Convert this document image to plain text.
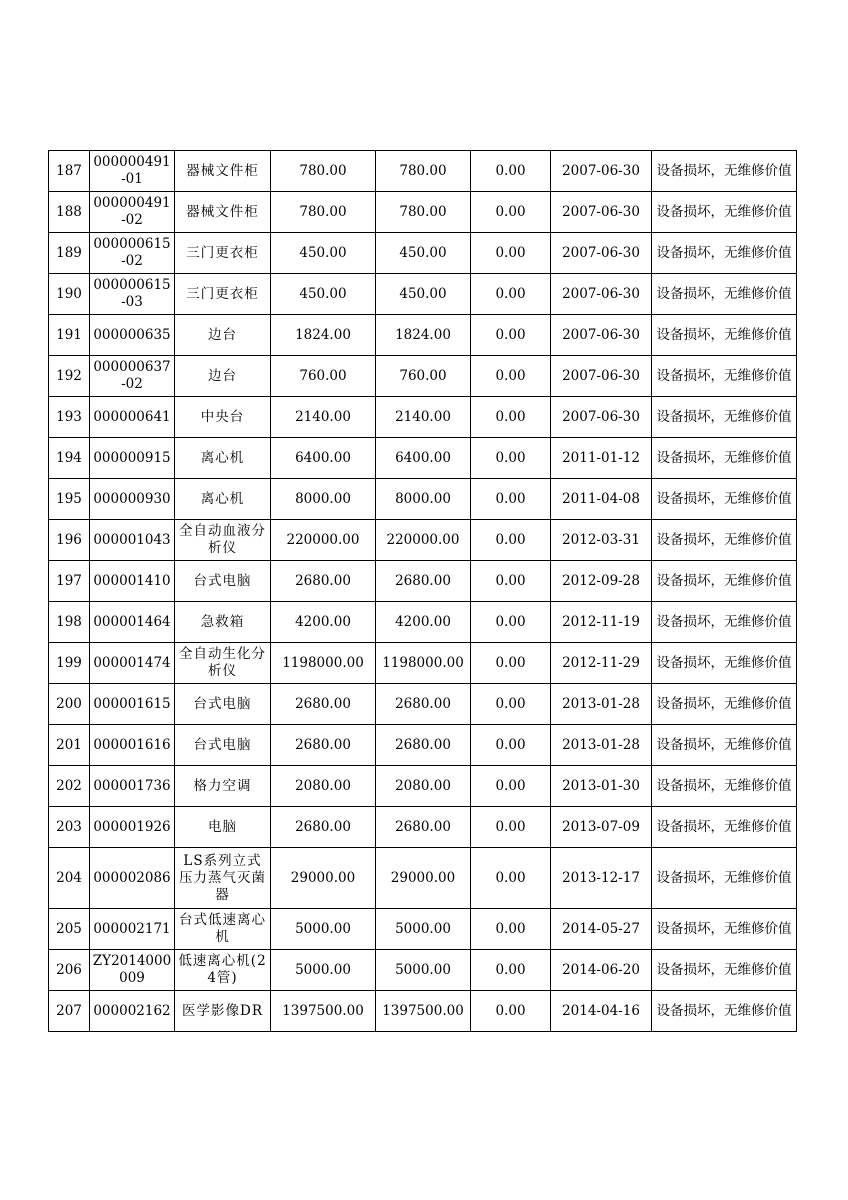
187	000000491-01	器械文件柜	780.00	780.00	0.00	2007-06-30	设备损坏，无维修价值
188	000000491-02	器械文件柜	780.00	780.00	0.00	2007-06-30	设备损坏，无维修价值
189	000000615-02	三门更衣柜	450.00	450.00	0.00	2007-06-30	设备损坏，无维修价值
190	000000615-03	三门更衣柜	450.00	450.00	0.00	2007-06-30	设备损坏，无维修价值
191	000000635	边台	1824.00	1824.00	0.00	2007-06-30	设备损坏，无维修价值
192	000000637-02	边台	760.00	760.00	0.00	2007-06-30	设备损坏，无维修价值
193	000000641	中央台	2140.00	2140.00	0.00	2007-06-30	设备损坏，无维修价值
194	000000915	离心机	6400.00	6400.00	0.00	2011-01-12	设备损坏，无维修价值
195	000000930	离心机	8000.00	8000.00	0.00	2011-04-08	设备损坏，无维修价值
196	000001043	全自动血液分析仪	220000.00	220000.00	0.00	2012-03-31	设备损坏，无维修价值
197	000001410	台式电脑	2680.00	2680.00	0.00	2012-09-28	设备损坏，无维修价值
198	000001464	急救箱	4200.00	4200.00	0.00	2012-11-19	设备损坏，无维修价值
199	000001474	全自动生化分析仪	1198000.00	1198000.00	0.00	2012-11-29	设备损坏，无维修价值
200	000001615	台式电脑	2680.00	2680.00	0.00	2013-01-28	设备损坏，无维修价值
201	000001616	台式电脑	2680.00	2680.00	0.00	2013-01-28	设备损坏，无维修价值
202	000001736	格力空调	2080.00	2080.00	0.00	2013-01-30	设备损坏，无维修价值
203	000001926	电脑	2680.00	2680.00	0.00	2013-07-09	设备损坏，无维修价值
204	000002086	LS系列立式压力蒸气灭菌器	29000.00	29000.00	0.00	2013-12-17	设备损坏，无维修价值
205	000002171	台式低速离心机	5000.00	5000.00	0.00	2014-05-27	设备损坏，无维修价值
206	ZY2014000009	低速离心机(24管)	5000.00	5000.00	0.00	2014-06-20	设备损坏，无维修价值
207	000002162	医学影像DR	1397500.00	1397500.00	0.00	2014-04-16	设备损坏，无维修价值
